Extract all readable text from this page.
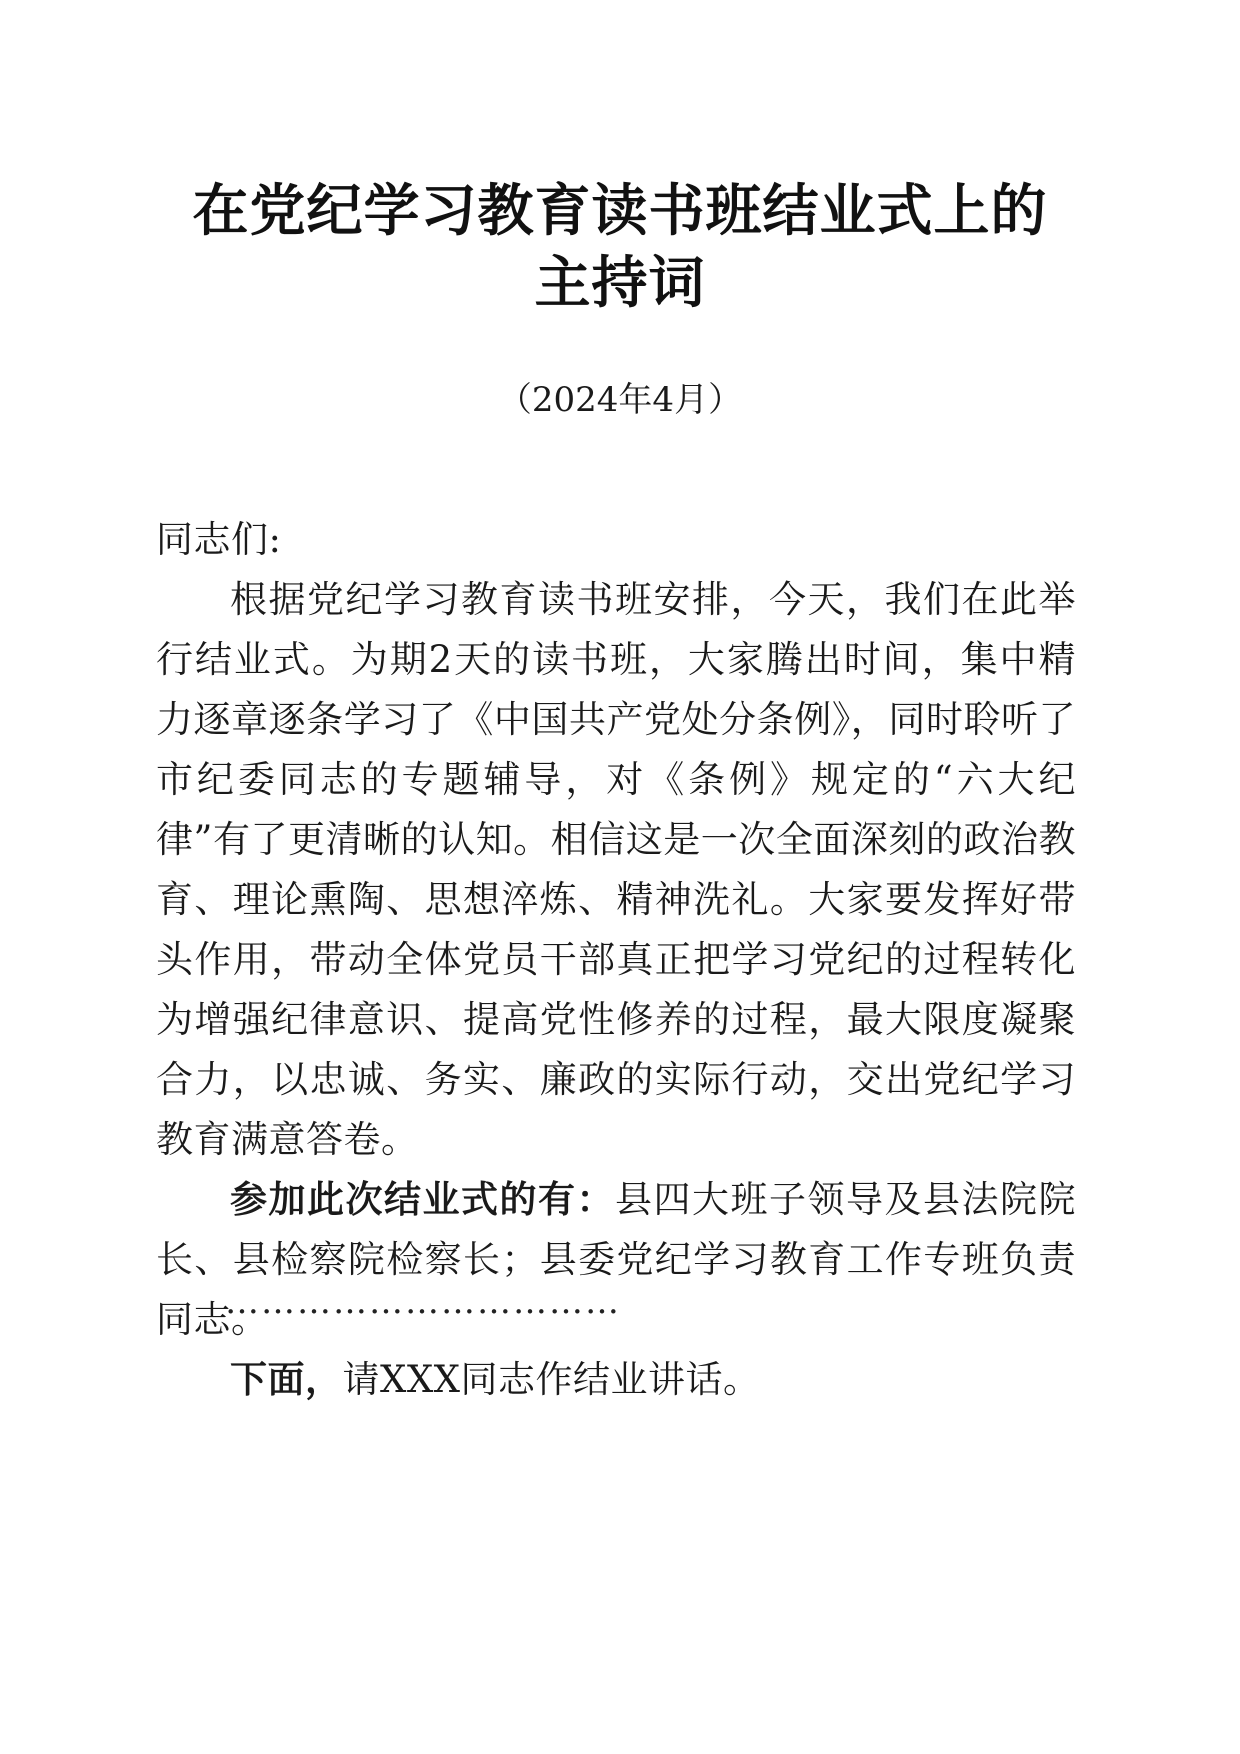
在党纪学习教育读书班结业式上的
主持词
（2024年4月）

同志们:

根据党纪学习教育读书班安排，今天，我们在此举行结业式。为期2天的读书班，大家腾出时间，集中精力逐章逐条学习了《中国共产党处分条例》，同时聆听了市纪委同志的专题辅导，对《条例》规定的“六大纪律”有了更清晰的认知。相信这是一次全面深刻的政治教育、理论熏陶、思想淬炼、精神洗礼。大家要发挥好带头作用，带动全体党员干部真正把学习党纪的过程转化为增强纪律意识、提高党性修养的过程，最大限度凝聚合力，以忠诚、务实、廉政的实际行动，交出党纪学习教育满意答卷。

参加此次结业式的有：县四大班子领导及县法院院长、县检察院检察长；县委党纪学习教育工作专班负责同志。

下面，请XXX同志作结业讲话。

……………………………
